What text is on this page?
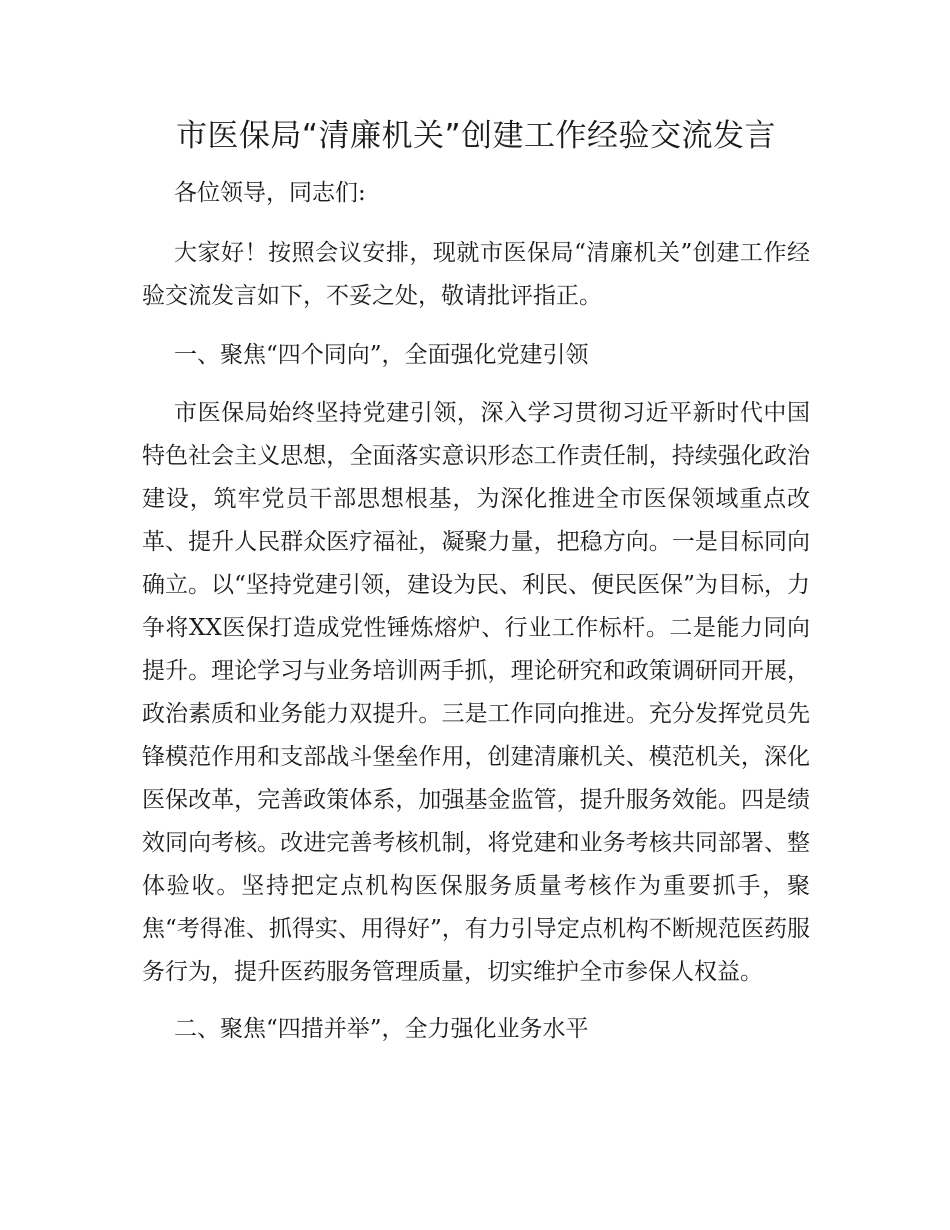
市医保局“清廉机关”创建工作经验交流发言

各位领导，同志们:

大家好！按照会议安排，现就市医保局“清廉机关”创建工作经验交流发言如下，不妥之处，敬请批评指正。

一、聚焦“四个同向”，全面强化党建引领

市医保局始终坚持党建引领，深入学习贯彻习近平新时代中国特色社会主义思想，全面落实意识形态工作责任制，持续强化政治建设，筑牢党员干部思想根基，为深化推进全市医保领域重点改革、提升人民群众医疗福祉，凝聚力量，把稳方向。一是目标同向确立。以“坚持党建引领，建设为民、利民、便民医保”为目标，力争将XX医保打造成党性锤炼熔炉、行业工作标杆。二是能力同向提升。理论学习与业务培训两手抓，理论研究和政策调研同开展，政治素质和业务能力双提升。三是工作同向推进。充分发挥党员先锋模范作用和支部战斗堡垒作用，创建清廉机关、模范机关，深化医保改革，完善政策体系，加强基金监管，提升服务效能。四是绩效同向考核。改进完善考核机制，将党建和业务考核共同部署、整体验收。坚持把定点机构医保服务质量考核作为重要抓手，聚焦“考得准、抓得实、用得好”，有力引导定点机构不断规范医药服务行为，提升医药服务管理质量，切实维护全市参保人权益。

二、聚焦“四措并举”，全力强化业务水平
